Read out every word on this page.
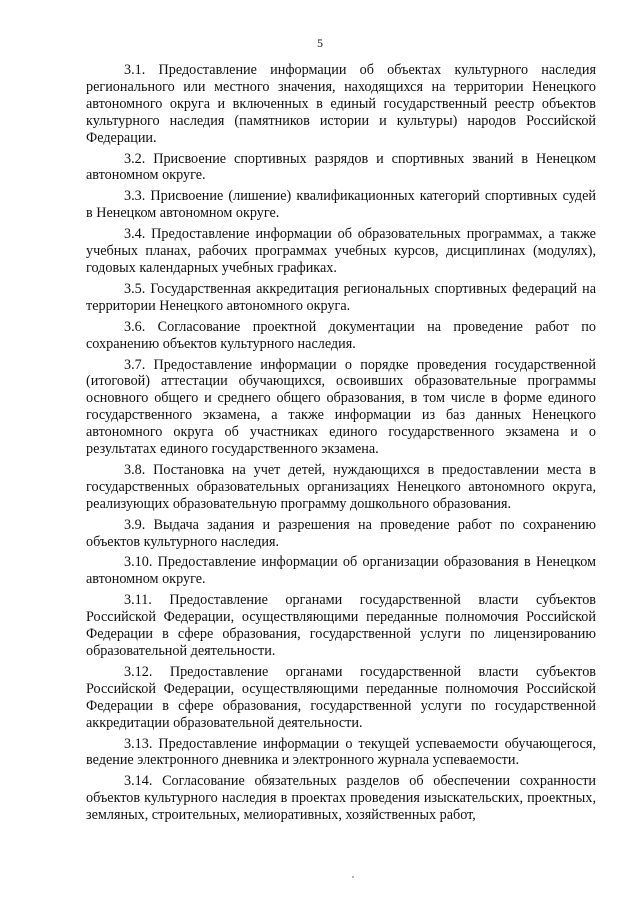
5

3.1. Предоставление информации об объектах культурного наследия регионального или местного значения, находящихся на территории Ненецкого автономного округа и включенных в единый государственный реестр объектов культурного наследия (памятников истории и культуры) народов Российской Федерации.

3.2. Присвоение спортивных разрядов и спортивных званий в Ненецком автономном округе.

3.3. Присвоение (лишение) квалификационных категорий спортивных судей в Ненецком автономном округе.

3.4. Предоставление информации об образовательных программах, а также учебных планах, рабочих программах учебных курсов, дисциплинах (модулях), годовых календарных учебных графиках.

3.5. Государственная аккредитация региональных спортивных федераций на территории Ненецкого автономного округа.

3.6. Согласование проектной документации на проведение работ по сохранению объектов культурного наследия.

3.7. Предоставление информации о порядке проведения государственной (итоговой) аттестации обучающихся, освоивших образовательные программы основного общего и среднего общего образования, в том числе в форме единого государственного экзамена, а также информации из баз данных Ненецкого автономного округа об участниках единого государственного экзамена и о результатах единого государственного экзамена.

3.8. Постановка на учет детей, нуждающихся в предоставлении места в государственных образовательных организациях Ненецкого автономного округа, реализующих образовательную программу дошкольного образования.

3.9. Выдача задания и разрешения на проведение работ по сохранению объектов культурного наследия.

3.10. Предоставление информации об организации образования в Ненецком автономном округе.

3.11. Предоставление органами государственной власти субъектов Российской Федерации, осуществляющими переданные полномочия Российской Федерации в сфере образования, государственной услуги по лицензированию образовательной деятельности.

3.12. Предоставление органами государственной власти субъектов Российской Федерации, осуществляющими переданные полномочия Российской Федерации в сфере образования, государственной услуги по государственной аккредитации образовательной деятельности.

3.13. Предоставление информации о текущей успеваемости обучающегося, ведение электронного дневника и электронного журнала успеваемости.

3.14. Согласование обязательных разделов об обеспечении сохранности объектов культурного наследия в проектах проведения изыскательских, проектных, земляных, строительных, мелиоративных, хозяйственных работ,
